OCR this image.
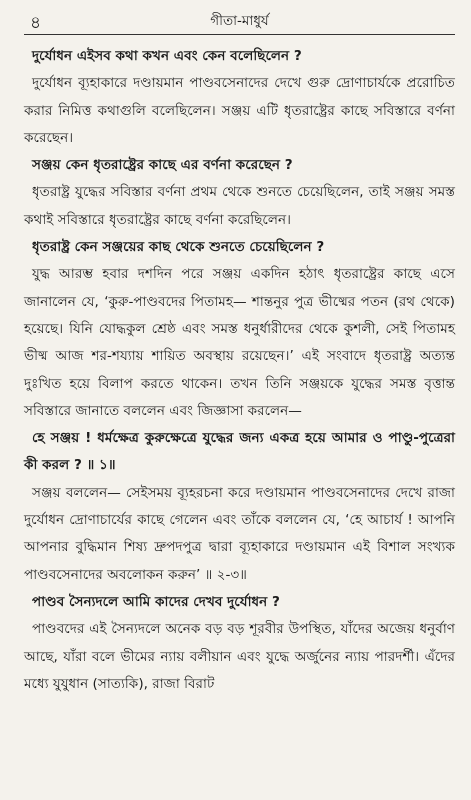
৪	গীতা-মাধুর্য

দুর্যোধন এইসব কথা কখন এবং কেন বলেছিলেন ?

দুর্যোধন ব্যূহাকারে দণ্ডায়মান পাণ্ডবসেনাদের দেখে গুরু দ্রোণাচার্যকে প্ররোচিত করার নিমিত্ত কথাগুলি বলেছিলেন। সঞ্জয় এটি ধৃতরাষ্ট্রের কাছে সবিস্তারে বর্ণনা করেছেন।

সঞ্জয় কেন ধৃতরাষ্ট্রের কাছে এর বর্ণনা করেছেন ?

ধৃতরাষ্ট্র যুদ্ধের সবিস্তার বর্ণনা প্রথম থেকে শুনতে চেয়েছিলেন, তাই সঞ্জয় সমস্ত কথাই সবিস্তারে ধৃতরাষ্ট্রের কাছে বর্ণনা করেছিলেন।

ধৃতরাষ্ট্র কেন সঞ্জয়ের কাছ থেকে শুনতে চেয়েছিলেন ?

যুদ্ধ আরম্ভ হবার দশদিন পরে সঞ্জয় একদিন হঠাৎ ধৃতরাষ্ট্রের কাছে এসে জানালেন যে, ‘কুরু-পাণ্ডবদের পিতামহ— শান্তনুর পুত্র ভীষ্মের পতন (রথ থেকে) হয়েছে। যিনি যোদ্ধকুল শ্রেষ্ঠ এবং সমস্ত ধনুর্ধারীদের থেকে কুশলী, সেই পিতামহ ভীষ্ম আজ শর-শয্যায় শায়িত অবস্থায় রয়েছেন।’ এই সংবাদে ধৃতরাষ্ট্র অত্যন্ত দুঃখিত হয়ে বিলাপ করতে থাকেন। তখন তিনি সঞ্জয়কে যুদ্ধের সমস্ত বৃত্তান্ত সবিস্তারে জানাতে বললেন এবং জিজ্ঞাসা করলেন—

হে সঞ্জয় ! ধর্মক্ষেত্র কুরুক্ষেত্রে যুদ্ধের জন্য একত্র হয়ে আমার ও পাণ্ডু-পুত্রেরা কী করল ? ॥ ১॥

সঞ্জয় বললেন— সেইসময় ব্যূহরচনা করে দণ্ডায়মান পাণ্ডবসেনাদের দেখে রাজা দুর্যোধন দ্রোণাচার্যের কাছে গেলেন এবং তাঁকে বললেন যে, ‘হে আচার্য ! আপনি আপনার বুদ্ধিমান শিষ্য দ্রুপদপুত্র দ্বারা ব্যূহাকারে দণ্ডায়মান এই বিশাল সংখ্যক পাণ্ডবসেনাদের অবলোকন করুন’ ॥ ২-৩॥

পাণ্ডব সৈন্যদলে আমি কাদের দেখব দুর্যোধন ?

পাণ্ডবদের এই সৈন্যদলে অনেক বড় বড় শূরবীর উপস্থিত, যাঁদের অজেয় ধনুর্বাণ আছে, যাঁরা বলে ভীমের ন্যায় বলীয়ান এবং যুদ্ধে অর্জুনের ন্যায় পারদর্শী। এঁদের মধ্যে যুযুধান (সাত্যকি), রাজা বিরাট
